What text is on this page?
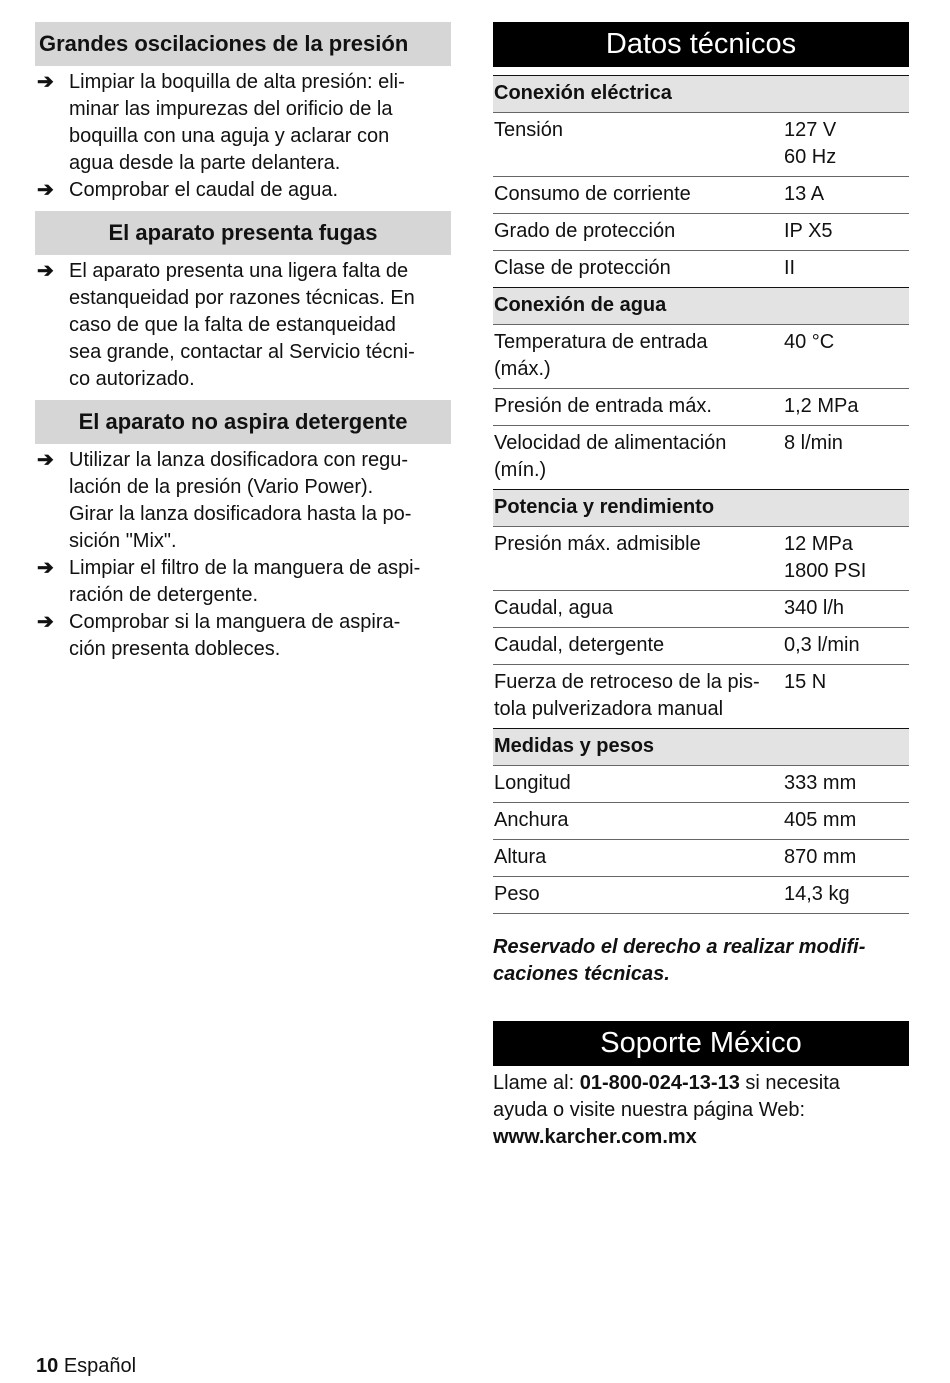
Grandes oscilaciones de la presión
➔ Limpiar la boquilla de alta presión: eli-
minar las impurezas del orificio de la
boquilla con una aguja y aclarar con
agua desde la parte delantera.
➔ Comprobar el caudal de agua.
El aparato presenta fugas
➔ El aparato presenta una ligera falta de
estanqueidad por razones técnicas. En
caso de que la falta de estanqueidad
sea grande, contactar al Servicio técni-
co autorizado.
El aparato no aspira detergente
➔ Utilizar la lanza dosificadora con regu-
lación de la presión (Vario Power).
Girar la lanza dosificadora hasta la po-
sición "Mix".
➔ Limpiar el filtro de la manguera de aspi-
ración de detergente.
➔ Comprobar si la manguera de aspira-
ción presenta dobleces.
Datos técnicos
Conexión eléctrica	
Tensión	127 V
60 Hz

Consumo de corriente	13 A

Grado de protección	IP X5

Clase de protección	II

Conexión de agua	
Temperatura de entrada
(máx.)	40 °C

Presión de entrada máx.	1,2 MPa

Velocidad de alimentación
(mín.)	8 l/min

Potencia y rendimiento	
Presión máx. admisible	12 MPa
1800 PSI

Caudal, agua	340 l/h

Caudal, detergente	0,3 l/min

Fuerza de retroceso de la pis-
tola pulverizadora manual	15 N

Medidas y pesos	
Longitud	333 mm

Anchura	405 mm

Altura	870 mm

Peso	14,3 kg
Reservado el derecho a realizar modifi-
caciones técnicas.
Soporte México
Llame al: 01-800-024-13-13 si necesita
ayuda o visite nuestra página Web:
www.karcher.com.mx
10 Español
